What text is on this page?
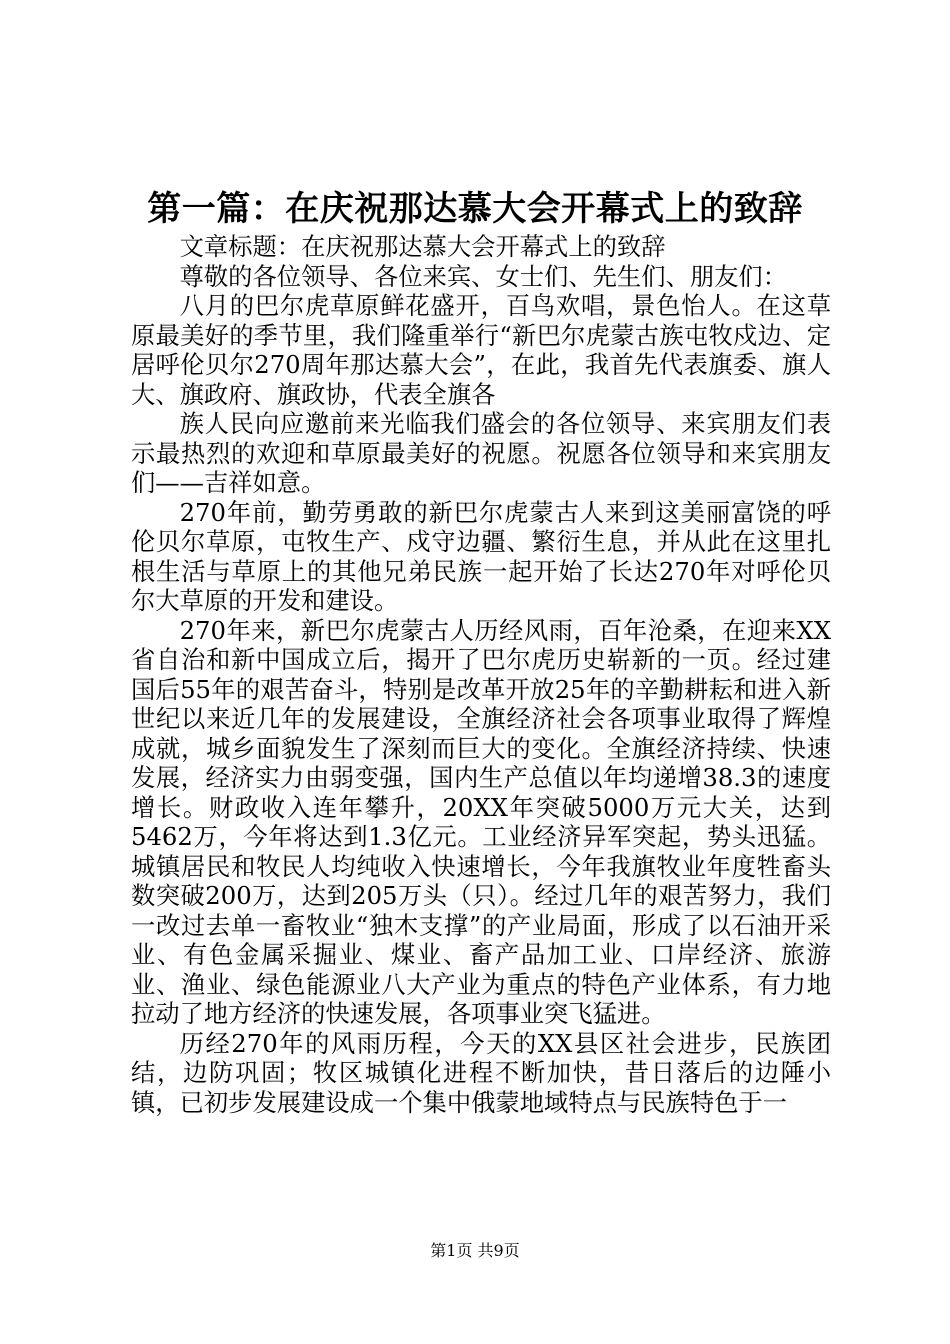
第一篇：在庆祝那达慕大会开幕式上的致辞

文章标题：在庆祝那达慕大会开幕式上的致辞

尊敬的各位领导、各位来宾、女士们、先生们、朋友们：

八月的巴尔虎草原鲜花盛开，百鸟欢唱，景色怡人。在这草原最美好的季节里，我们隆重举行“新巴尔虎蒙古族屯牧戍边、定居呼伦贝尔270周年那达慕大会”，在此，我首先代表旗委、旗人大、旗政府、旗政协，代表全旗各

族人民向应邀前来光临我们盛会的各位领导、来宾朋友们表示最热烈的欢迎和草原最美好的祝愿。祝愿各位领导和来宾朋友们——吉祥如意。

270年前，勤劳勇敢的新巴尔虎蒙古人来到这美丽富饶的呼伦贝尔草原，屯牧生产、戍守边疆、繁衍生息，并从此在这里扎根生活与草原上的其他兄弟民族一起开始了长达270年对呼伦贝尔大草原的开发和建设。

270年来，新巴尔虎蒙古人历经风雨，百年沧桑，在迎来XX省自治和新中国成立后，揭开了巴尔虎历史崭新的一页。经过建国后55年的艰苦奋斗，特别是改革开放25年的辛勤耕耘和进入新世纪以来近几年的发展建设，全旗经济社会各项事业取得了辉煌成就，城乡面貌发生了深刻而巨大的变化。全旗经济持续、快速发展，经济实力由弱变强，国内生产总值以年均递增38.3的速度增长。财政收入连年攀升，20XX年突破5000万元大关，达到5462万，今年将达到1.3亿元。工业经济异军突起，势头迅猛。城镇居民和牧民人均纯收入快速增长，今年我旗牧业年度牲畜头数突破200万，达到205万头（只）。经过几年的艰苦努力，我们一改过去单一畜牧业“独木支撑”的产业局面，形成了以石油开采业、有色金属采掘业、煤业、畜产品加工业、口岸经济、旅游业、渔业、绿色能源业八大产业为重点的特色产业体系，有力地拉动了地方经济的快速发展，各项事业突飞猛进。

历经270年的风雨历程，今天的XX县区社会进步，民族团结，边防巩固；牧区城镇化进程不断加快，昔日落后的边陲小镇，已初步发展建设成一个集中俄蒙地域特点与民族特色于一

第1页 共9页
